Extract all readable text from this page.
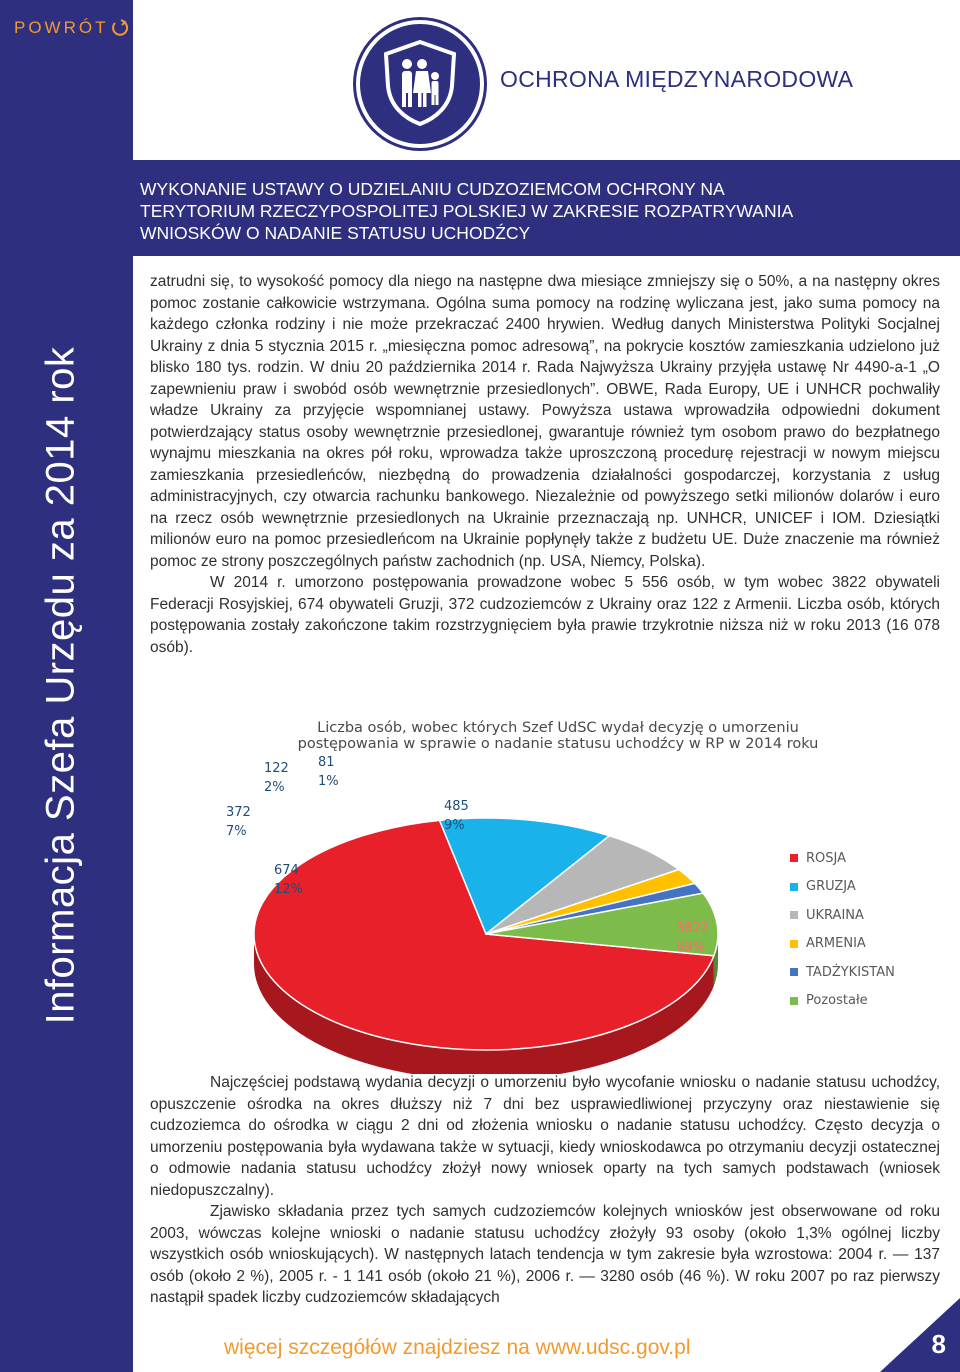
POWRÓT
Informacja Szefa Urzędu za 2014 rok
OCHRONA MIĘDZYNARODOWA
WYKONANIE USTAWY O UDZIELANIU CUDZOZIEMCOM OCHRONY NA TERYTORIUM RZECZYPOSPOLITEJ POLSKIEJ W ZAKRESIE ROZPATRYWANIA WNIOSKÓW O NADANIE STATUSU UCHODŹCY

zatrudni się, to wysokość pomocy dla niego na następne dwa miesiące zmniejszy się o 50%, a na następny okres pomoc zostanie całkowicie wstrzymana. Ogólna suma pomocy na rodzinę wyliczana jest, jako suma pomocy na każdego członka rodziny i nie może przekraczać 2400 hrywien. Według danych Ministerstwa Polityki Socjalnej Ukrainy z dnia 5 stycznia 2015 r. „miesięczna pomoc adresową”, na pokrycie kosztów zamieszkania udzielono już blisko 180 tys. rodzin. W dniu 20 października 2014 r. Rada Najwyższa Ukrainy przyjęła ustawę Nr 4490-a-1 „O zapewnieniu praw i swobód osób wewnętrznie przesiedlonych”. OBWE, Rada Europy, UE i UNHCR pochwaliły władze Ukrainy za przyjęcie wspomnianej ustawy. Powyższa ustawa wprowadziła odpowiedni dokument potwierdzający status osoby wewnętrznie przesiedlonej, gwarantuje również tym osobom prawo do bezpłatnego wynajmu mieszkania na okres pół roku, wprowadza także uproszczoną procedurę rejestracji w nowym miejscu zamieszkania przesiedleńców, niezbędną do prowadzenia działalności gospodarczej, korzystania z usług administracyjnych, czy otwarcia rachunku bankowego. Niezależnie od powyższego setki milionów dolarów i euro na rzecz osób wewnętrznie przesiedlonych na Ukrainie przeznaczają np. UNHCR, UNICEF i IOM. Dziesiątki milionów euro na pomoc przesiedleńcom na Ukrainie popłynęły także z budżetu UE. Duże znaczenie ma również pomoc ze strony poszczególnych państw zachodnich (np. USA, Niemcy, Polska).

W 2014 r. umorzono postępowania prowadzone wobec 5 556 osób, w tym wobec 3822 obywateli Federacji Rosyjskiej, 674 obywateli Gruzji, 372 cudzoziemców z Ukrainy oraz 122 z Armenii. Liczba osób, których postępowania zostały zakończone takim rozstrzygnięciem była prawie trzykrotnie niższa niż w roku 2013 (16 078 osób).

Liczba osób, wobec których Szef UdSC wydał decyzję o umorzeniu postępowania w sprawie o nadanie statusu uchodźcy w RP w 2014 roku
3822
69%
674
12%
372
7%
122
2%
81
1%
485
9%
ROSJA
GRUZJA
UKRAINA
ARMENIA
TADŻYKISTAN
Pozostałe

Najczęściej podstawą wydania decyzji o umorzeniu było wycofanie wniosku o nadanie statusu uchodźcy, opuszczenie ośrodka na okres dłuższy niż 7 dni bez usprawiedliwionej przyczyny oraz niestawienie się cudzoziemca do ośrodka w ciągu 2 dni od złożenia wniosku o nadanie statusu uchodźcy. Często decyzja o umorzeniu postępowania była wydawana także w sytuacji, kiedy wnioskodawca po otrzymaniu decyzji ostatecznej o odmowie nadania statusu uchodźcy złożył nowy wniosek oparty na tych samych podstawach (wniosek niedopuszczalny).

Zjawisko składania przez tych samych cudzoziemców kolejnych wniosków jest obserwowane od roku 2003, wówczas kolejne wnioski o nadanie statusu uchodźcy złożyły 93 osoby (około 1,3% ogólnej liczby wszystkich osób wnioskujących). W następnych latach tendencja w tym zakresie była wzrostowa: 2004 r. — 137 osób (około 2 %), 2005 r. - 1 141 osób (około 21 %), 2006 r. — 3280 osób (46 %). W roku 2007 po raz pierwszy nastąpił spadek liczby cudzoziemców składających

więcej szczegółów znajdziesz na www.udsc.gov.pl	8
